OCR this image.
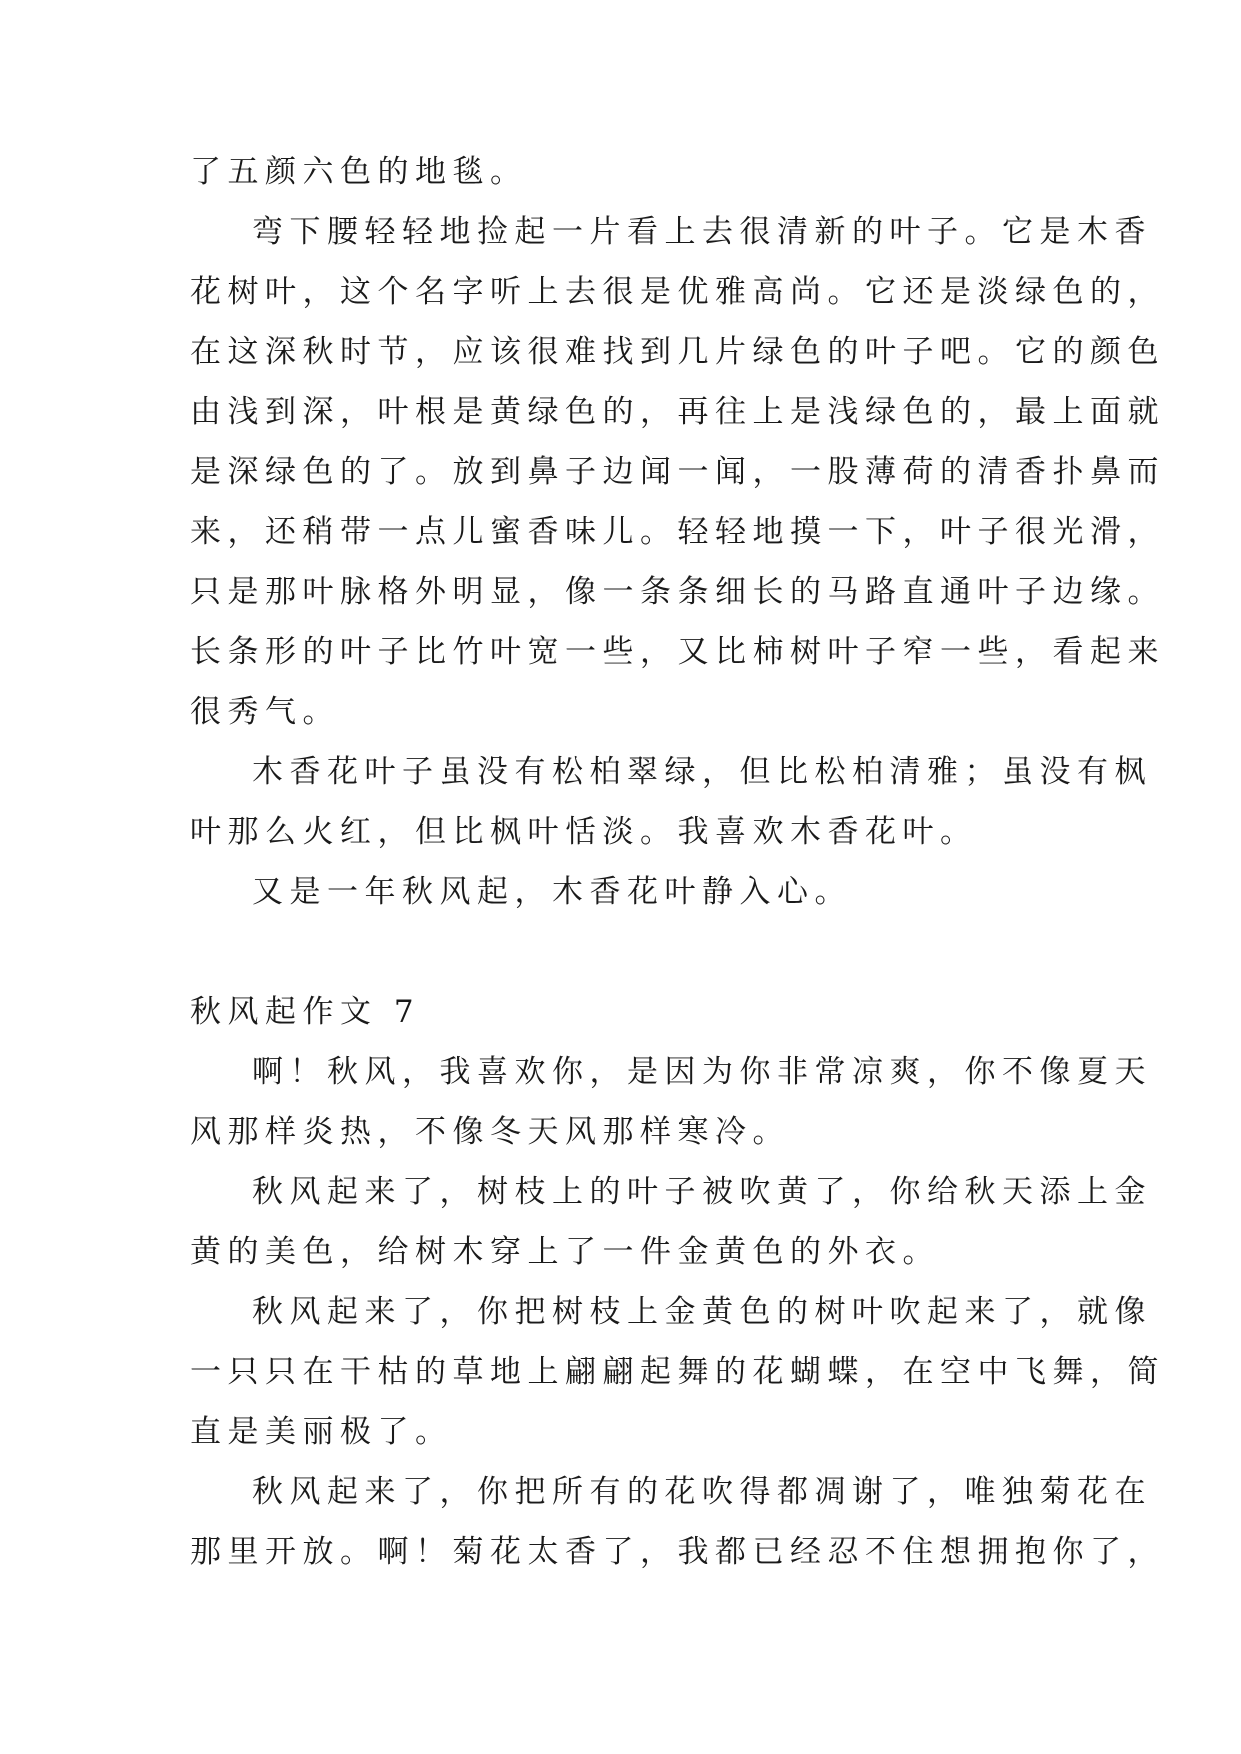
了五颜六色的地毯。
弯下腰轻轻地捡起一片看上去很清新的叶子。它是木香
花树叶，这个名字听上去很是优雅高尚。它还是淡绿色的，
在这深秋时节，应该很难找到几片绿色的叶子吧。它的颜色
由浅到深，叶根是黄绿色的，再往上是浅绿色的，最上面就
是深绿色的了。放到鼻子边闻一闻，一股薄荷的清香扑鼻而
来，还稍带一点儿蜜香味儿。轻轻地摸一下，叶子很光滑，
只是那叶脉格外明显，像一条条细长的马路直通叶子边缘。
长条形的叶子比竹叶宽一些，又比柿树叶子窄一些，看起来
很秀气。
木香花叶子虽没有松柏翠绿，但比松柏清雅；虽没有枫
叶那么火红，但比枫叶恬淡。我喜欢木香花叶。
又是一年秋风起，木香花叶静入心。
秋风起作文 7
啊！秋风，我喜欢你，是因为你非常凉爽，你不像夏天
风那样炎热，不像冬天风那样寒冷。
秋风起来了，树枝上的叶子被吹黄了，你给秋天添上金
黄的美色，给树木穿上了一件金黄色的外衣。
秋风起来了，你把树枝上金黄色的树叶吹起来了，就像
一只只在干枯的草地上翩翩起舞的花蝴蝶，在空中飞舞，简
直是美丽极了。
秋风起来了，你把所有的花吹得都凋谢了，唯独菊花在
那里开放。啊！菊花太香了，我都已经忍不住想拥抱你了，
